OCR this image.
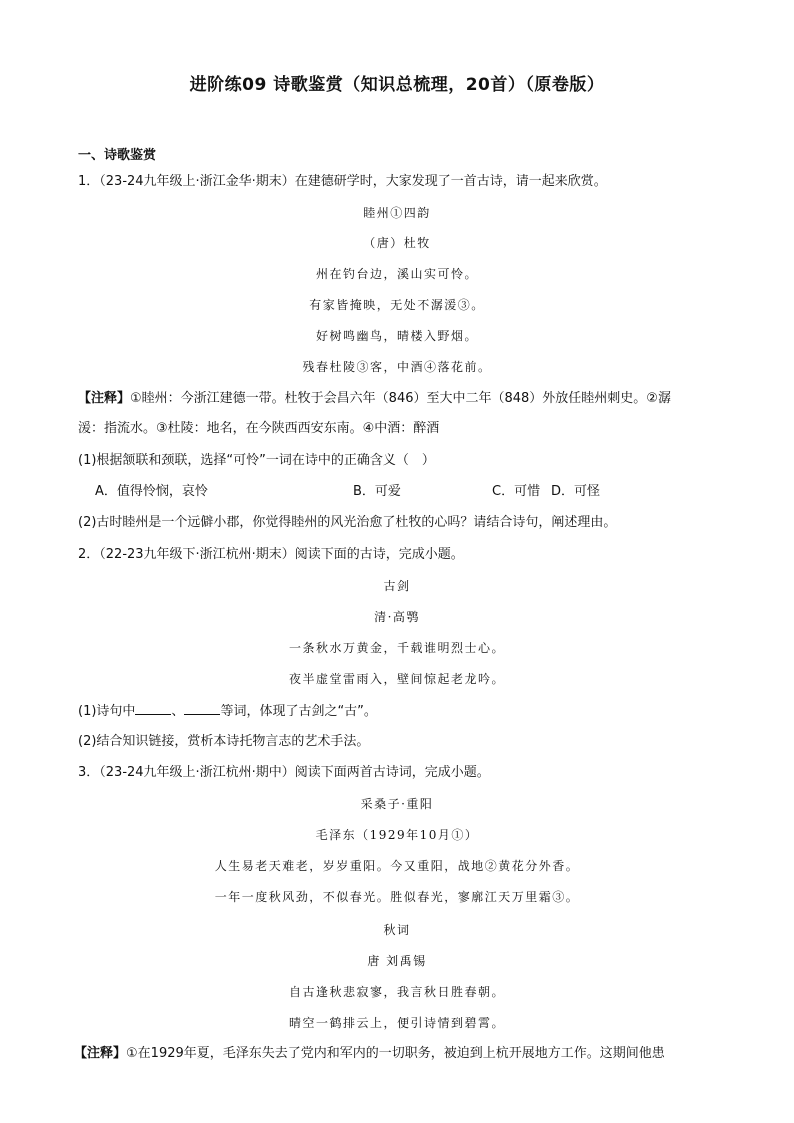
进阶练09 诗歌鉴赏（知识总梳理，20首）（原卷版）
一、诗歌鉴赏
1．（23-24九年级上·浙江金华·期末）在建德研学时，大家发现了一首古诗，请一起来欣赏。
睦州①四韵
（唐）杜牧
州在钓台边，溪山实可怜。
有家皆掩映，无处不潺湲③。
好树鸣幽鸟，晴楼入野烟。
残春杜陵③客，中酒④落花前。
【注释】①睦州：今浙江建德一带。杜牧于会昌六年（846）至大中二年（848）外放任睦州刺史。②潺
湲：指流水。③杜陵：地名，在今陕西西安东南。④中酒：醉酒
(1)根据颔联和颈联，选择“可怜”一词在诗中的正确含义（　）
A．值得怜悯，哀怜	B．可爱	C．可惜 D．可怪
(2)古时睦州是一个远僻小郡，你觉得睦州的风光治愈了杜牧的心吗？请结合诗句，阐述理由。
2．（22-23九年级下·浙江杭州·期末）阅读下面的古诗，完成小题。
古剑
清·高鹗
一条秋水万黄金，千载谁明烈士心。
夜半虚堂雷雨入，壁间惊起老龙吟。
(1)诗句中	、	等词，体现了古剑之“古”。
(2)结合知识链接，赏析本诗托物言志的艺术手法。
3．（23-24九年级上·浙江杭州·期中）阅读下面两首古诗词，完成小题。
采桑子·重阳
毛泽东（1929年10月①）
人生易老天难老，岁岁重阳。今又重阳，战地②黄花分外香。
一年一度秋风劲，不似春光。胜似春光，寥廓江天万里霜③。
秋词
唐 刘禹锡
自古逢秋悲寂寥，我言秋日胜春朝。
晴空一鹤排云上，便引诗情到碧霄。
【注释】①在1929年夏，毛泽东失去了党内和军内的一切职务，被迫到上杭开展地方工作。这期间他患
